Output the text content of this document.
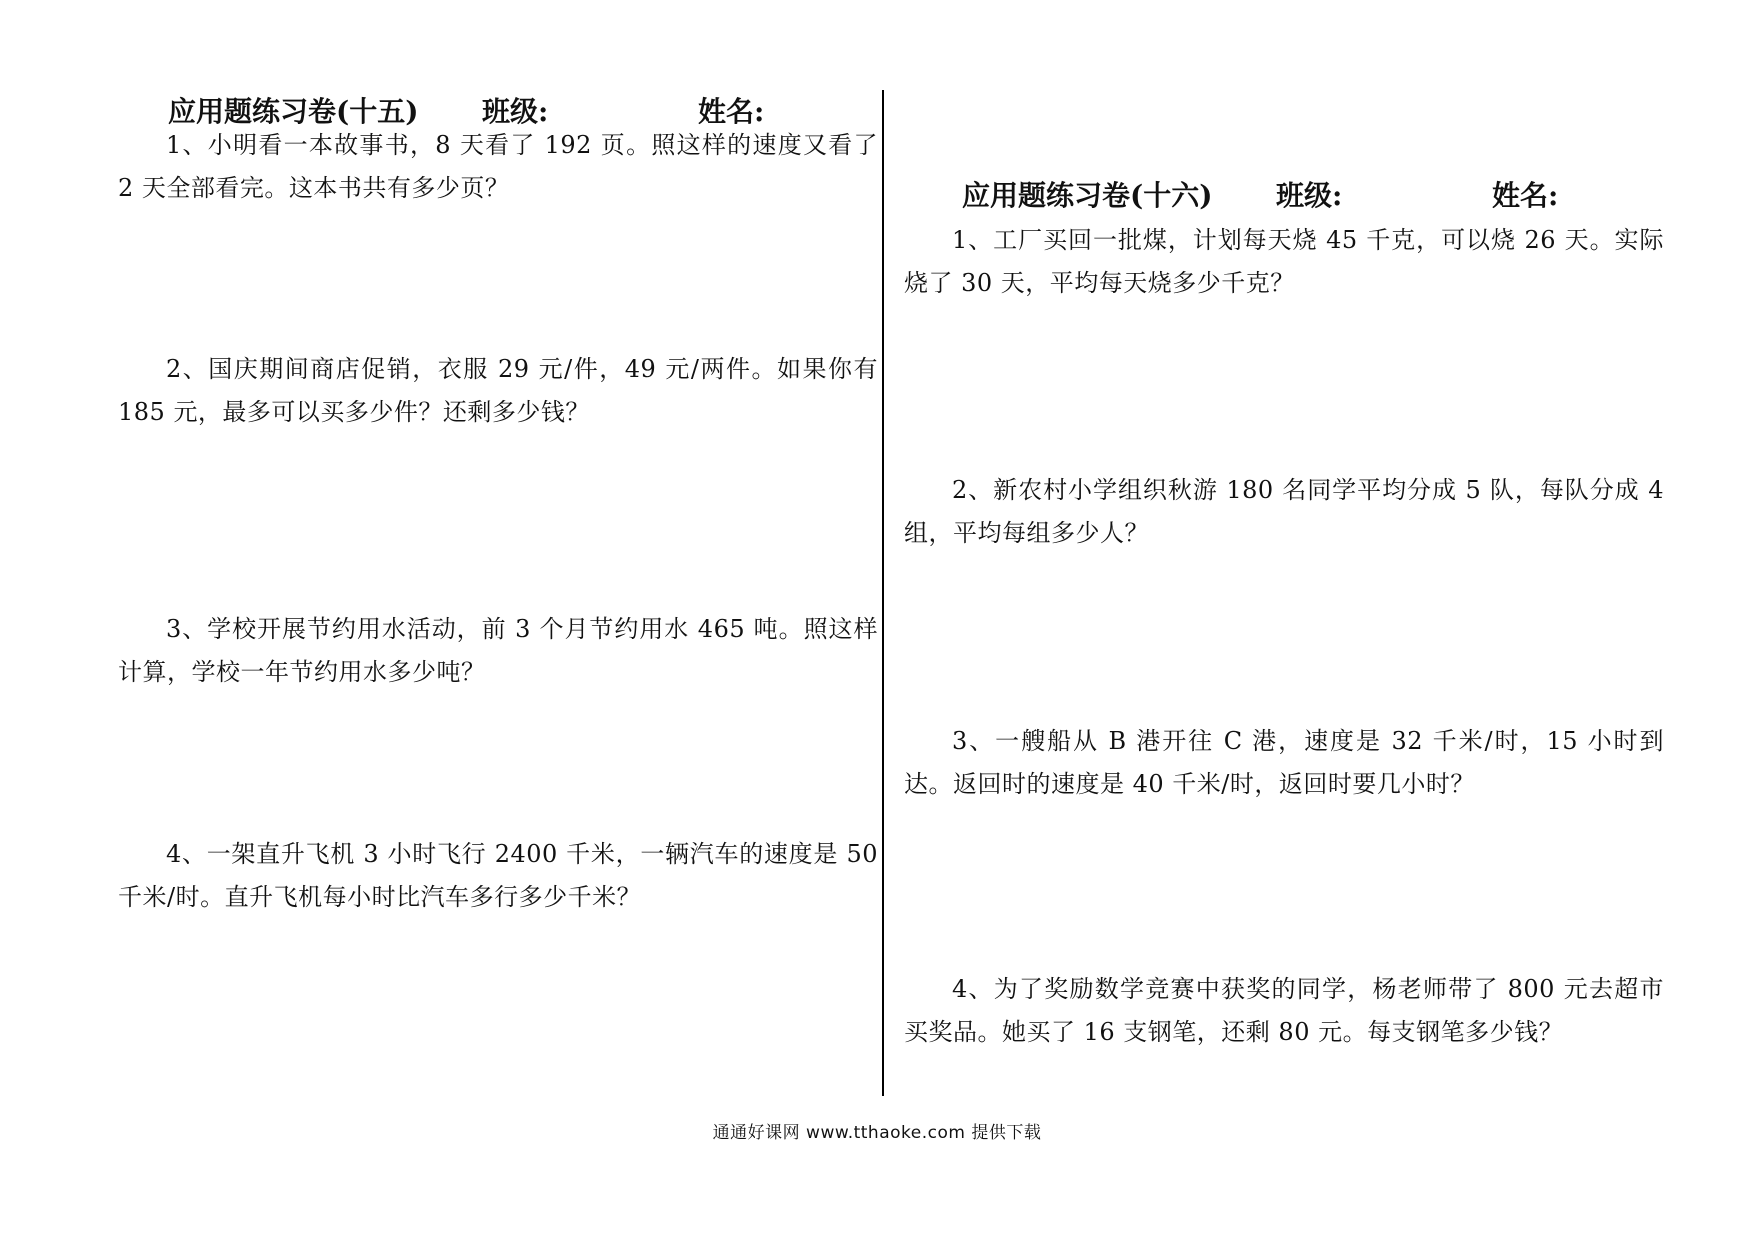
应用题练习卷(十五) 班级:	姓名:
1、小明看一本故事书，8 天看了 192 页。照这样的速度又看了 2 天全部看完。这本书共有多少页？
2、国庆期间商店促销，衣服 29 元/件，49 元/两件。如果你有 185 元，最多可以买多少件？还剩多少钱？
3、学校开展节约用水活动，前 3 个月节约用水 465 吨。照这样计算，学校一年节约用水多少吨？
4、一架直升飞机 3 小时飞行 2400 千米，一辆汽车的速度是 50 千米/时。直升飞机每小时比汽车多行多少千米？
应用题练习卷(十六) 班级:	姓名:
1、工厂买回一批煤，计划每天烧 45 千克，可以烧 26 天。实际烧了 30 天，平均每天烧多少千克？
2、新农村小学组织秋游 180 名同学平均分成 5 队，每队分成 4 组，平均每组多少人？
3、一艘船从 B 港开往 C 港，速度是 32 千米/时，15 小时到达。返回时的速度是 40 千米/时，返回时要几小时？
4、为了奖励数学竞赛中获奖的同学，杨老师带了 800 元去超市买奖品。她买了 16 支钢笔，还剩 80 元。每支钢笔多少钱？
通通好课网 www.tthaoke.com 提供下载
